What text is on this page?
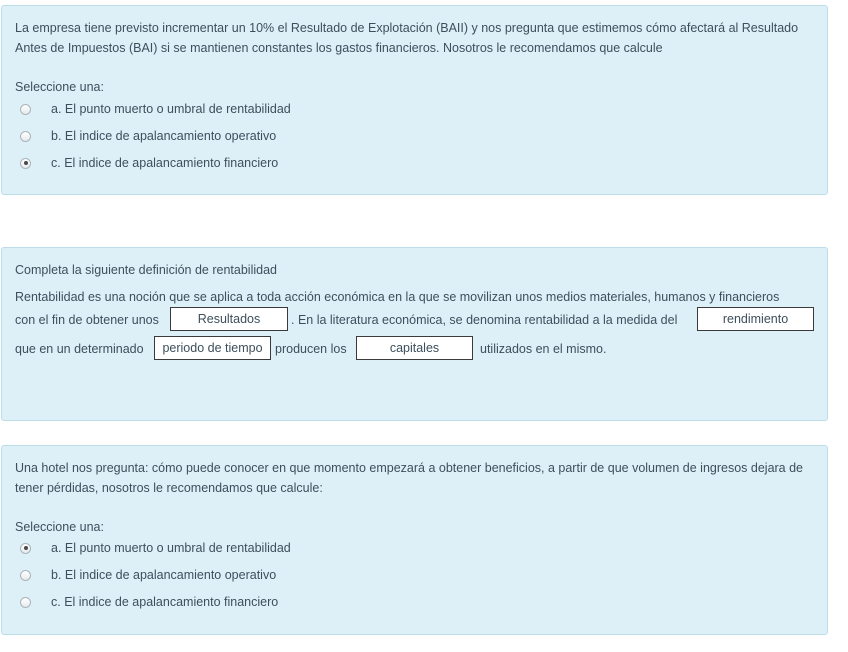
La empresa tiene previsto incrementar un 10% el Resultado de Explotación (BAII) y nos pregunta que estimemos cómo afectará al Resultado Antes de Impuestos (BAI) si se mantienen constantes los gastos financieros. Nosotros le recomendamos que calcule
Seleccione una:
a. El punto muerto o umbral de rentabilidad
b. El indice de apalancamiento operativo
c. El indice de apalancamiento financiero
Completa la siguiente definición de rentabilidad
Rentabilidad es una noción que se aplica a toda acción económica en la que se movilizan unos medios materiales, humanos y financieros
con el fin de obtener unos	Resultados	. En la literatura económica, se denomina rentabilidad a la medida del	rendimiento
que en un determinado	periodo de tiempo producen los	capitales	utilizados en el mismo.
Una hotel nos pregunta: cómo puede conocer en que momento empezará a obtener beneficios, a partir de que volumen de ingresos dejara de tener pérdidas, nosotros le recomendamos que calcule:
Seleccione una:
a. El punto muerto o umbral de rentabilidad
b. El indice de apalancamiento operativo
c. El indice de apalancamiento financiero
